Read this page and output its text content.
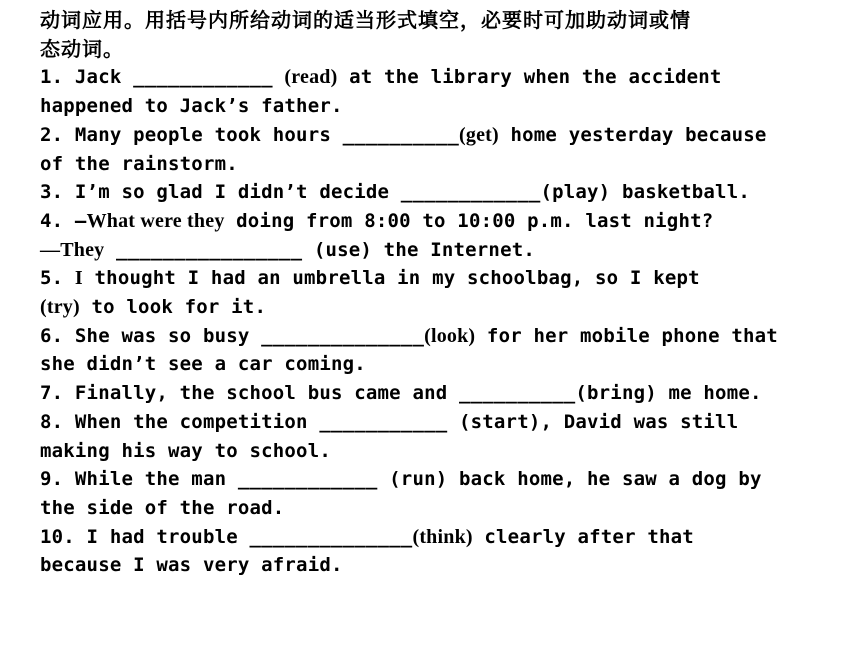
动词应用。用括号内所给动词的适当形式填空，必要时可加助动词或情
态动词。
1. Jack ____________ (read) at the library when the accident
happened to Jack’s father.
2. Many people took hours __________(get) home yesterday because
of the rainstorm.
3. I’m so glad I didn’t decide ____________(play) basketball.
4. —What were they doing from 8:00 to 10:00 p.m. last night?
—They ________________ (use) the Internet.
5. I thought I had an umbrella in my schoolbag, so I kept
(try) to look for it.
6. She was so busy ______________(look) for her mobile phone that
she didn’t see a car coming.
7. Finally, the school bus came and __________(bring) me home.
8. When the competition ___________ (start), David was still
making his way to school.
9. While the man ____________ (run) back home, he saw a dog by
the side of the road.
10. I had trouble ______________(think) clearly after that
because I was very afraid.
